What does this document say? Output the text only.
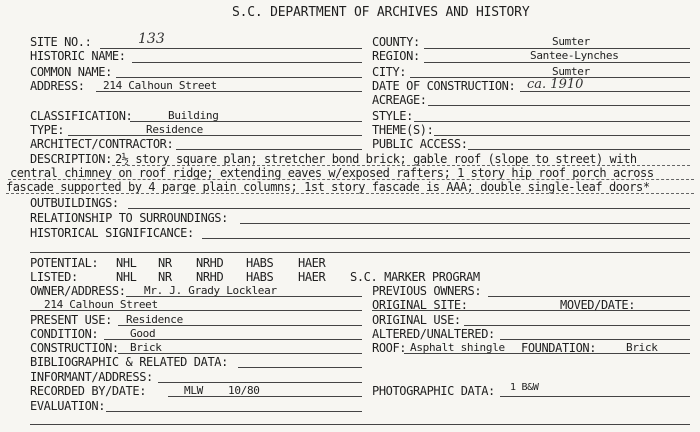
S.C. DEPARTMENT OF ARCHIVES AND HISTORY
SITE NO.:	133
HISTORIC NAME:
COMMON NAME:
ADDRESS: 214 Calhoun Street
COUNTY:	Sumter
REGION:	Santee-Lynches
CITY:	Sumter
DATE OF CONSTRUCTION: ca. 1910
ACREAGE:
CLASSIFICATION:	Building
TYPE:	Residence
ARCHITECT/CONTRACTOR:
STYLE:
THEME(S):
PUBLIC ACCESS:
DESCRIPTION: 2½ story square plan; stretcher bond brick; gable roof (slope to street) with
central chimney on roof ridge; extending eaves w/exposed rafters; 1 story hip roof porch across
fascade supported by 4 parge plain columns; 1st story fascade is AAA; double single-leaf doors*
OUTBUILDINGS:
RELATIONSHIP TO SURROUNDINGS:
HISTORICAL SIGNIFICANCE:
POTENTIAL: NHL NR NRHD HABS HAER
LISTED:	NHL NR NRHD HABS HAER S.C. MARKER PROGRAM
OWNER/ADDRESS: Mr. J. Grady Locklear
214 Calhoun Street
PRESENT USE: Residence
CONDITION:	Good
CONSTRUCTION: Brick
BIBLIOGRAPHIC & RELATED DATA:
INFORMANT/ADDRESS:
RECORDED BY/DATE:	MLW 10/80
EVALUATION:
PREVIOUS OWNERS:
ORIGINAL SITE:	MOVED/DATE:
ORIGINAL USE:
ALTERED/UNALTERED:
ROOF: Asphalt shingle FOUNDATION:	Brick
PHOTOGRAPHIC DATA: 1 B&W
